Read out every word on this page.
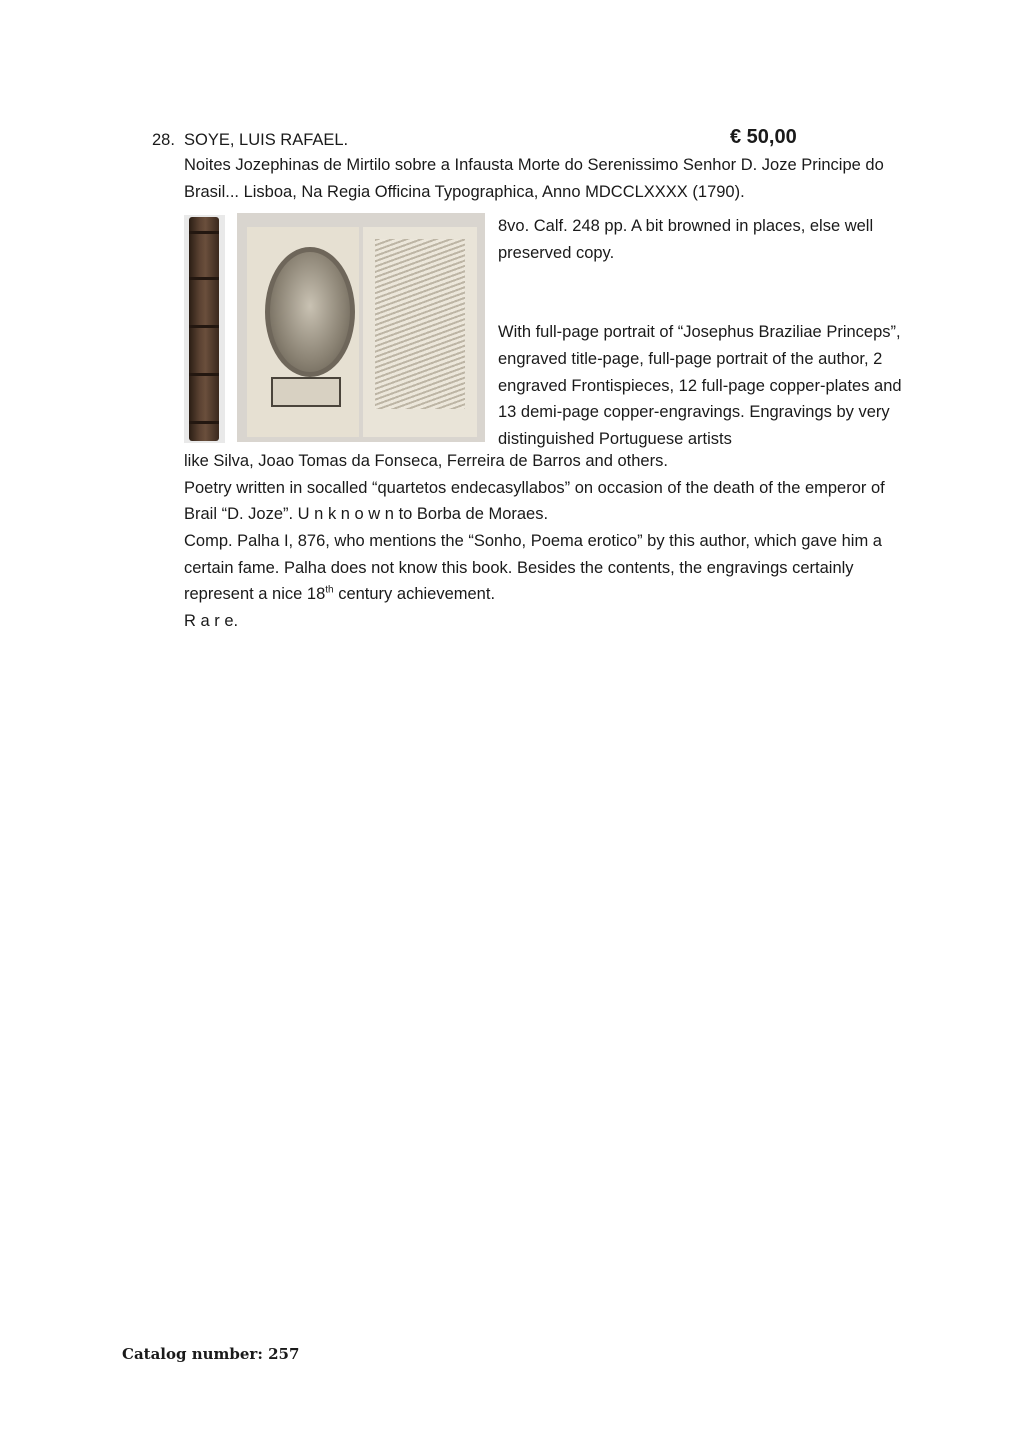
28. SOYE, LUIS RAFAEL.	€ 50,00

Noites Jozephinas de Mirtilo sobre a Infausta Morte do Serenissimo Senhor D. Joze Principe do Brasil... Lisboa, Na Regia Officina Typographica, Anno MDCCLXXXX (1790).

8vo. Calf. 248 pp. A bit browned in places, else well preserved copy.

With full-page portrait of “Josephus Braziliae Princeps”, engraved title-page, full-page portrait of the author, 2 engraved Frontispieces, 12 full-page copper-plates and 13 demi-page copper-engravings. Engravings by very distinguished Portuguese artists

like Silva, Joao Tomas da Fonseca, Ferreira de Barros and others.

Poetry written in socalled “quartetos endecasyllabos” on occasion of the death of the emperor of Brail “D. Joze”. U n k n o w n to Borba de Moraes.

Comp. Palha I, 876, who mentions the “Sonho, Poema erotico” by this author, which gave him a certain fame. Palha does not know this book. Besides the contents, the engravings certainly represent a nice 18th century achievement.

R a r e.

Catalog number: 257
